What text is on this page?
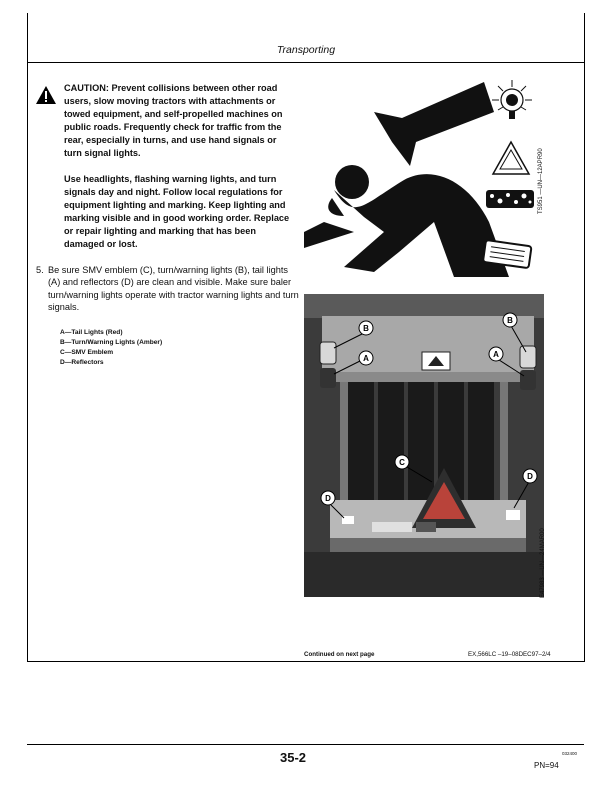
Transporting

CAUTION: Prevent collisions between other road users, slow moving tractors with attachments or towed equipment, and self-propelled machines on public roads. Frequently check for traffic from the rear, especially in turns, and use hand signals or turn signal lights.

Use headlights, flashing warning lights, and turn signals day and night. Follow local regulations for equipment lighting and marking. Keep lighting and marking visible and in good working order. Replace or repair lighting and marking that has been damaged or lost.

5. Be sure SMV emblem (C), turn/warning lights (B), tail lights (A) and reflectors (D) are clean and visible. Make sure baler turn/warning lights operate with tractor warning lights and turn signals.
A—Tail Lights (Red)
B—Turn/Warning Lights (Amber)
C—SMV Emblem
D—Reflectors
TS951 —UN—12APR90
B
A
B
A
C
D
D
E47983 —UN—24MAR00
Continued on next page	EX,566LC –19–08DEC97–2/4
35-2	032400
PN=94
